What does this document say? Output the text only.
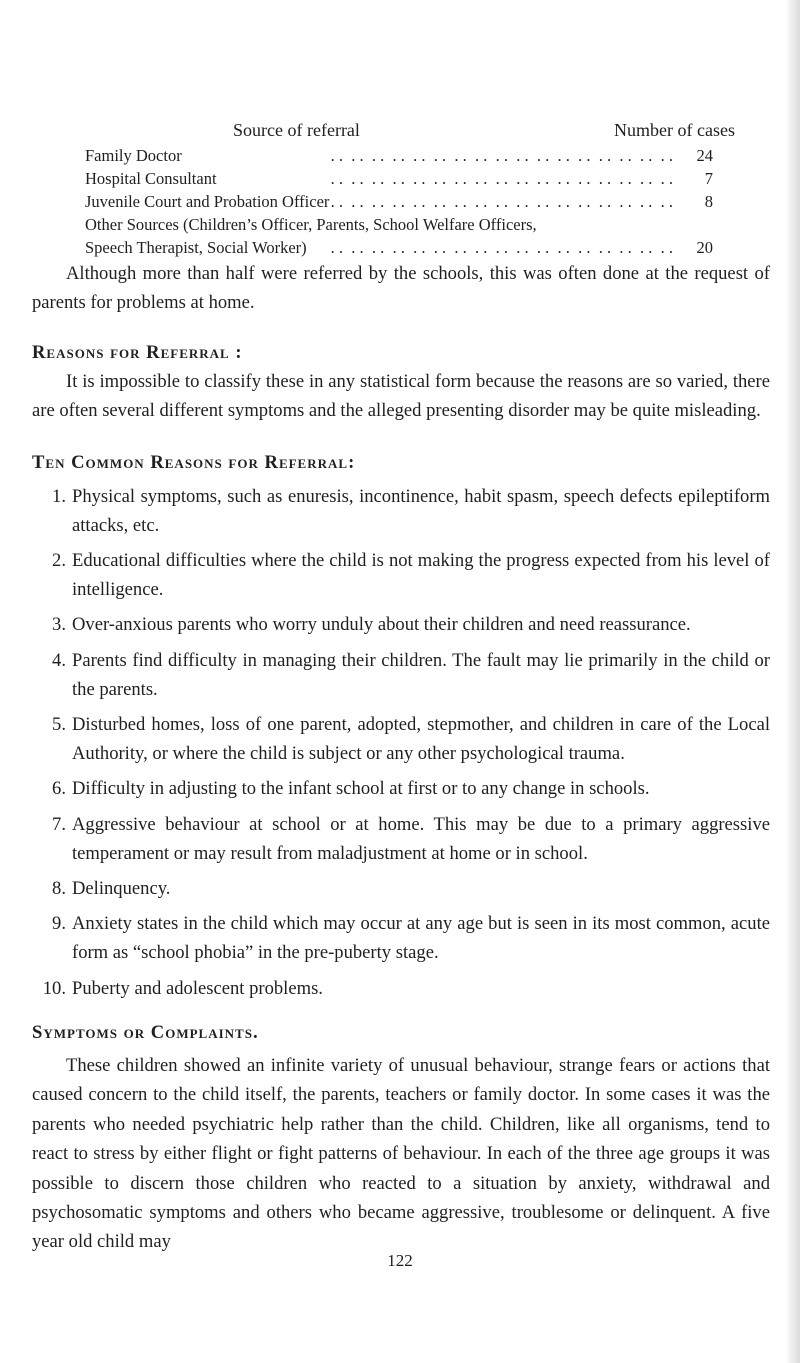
Source of referral	Number of cases
Family Doctor . .	24
Hospital Consultant . .	7
Juvenile Court and Probation Officer . .	8
Other Sources (Children’s Officer, Parents, School Welfare Officers,
Speech Therapist, Social Worker) . .	20

Although more than half were referred by the schools, this was often done at the request of parents for problems at home.

Reasons for Referral :

It is impossible to classify these in any statistical form because the reasons are so varied, there are often several different symptoms and the alleged presenting disorder may be quite misleading.

Ten Common Reasons for Referral:
1. Physical symptoms, such as enuresis, incontinence, habit spasm, speech defects epileptiform attacks, etc.
2. Educational difficulties where the child is not making the progress expected from his level of intelligence.
3. Over-anxious parents who worry unduly about their children and need reassurance.
4. Parents find difficulty in managing their children. The fault may lie primarily in the child or the parents.
5. Disturbed homes, loss of one parent, adopted, stepmother, and children in care of the Local Authority, or where the child is subject or any other psychological trauma.
6. Difficulty in adjusting to the infant school at first or to any change in schools.
7. Aggressive behaviour at school or at home. This may be due to a primary aggressive temperament or may result from maladjustment at home or in school.
8. Delinquency.
9. Anxiety states in the child which may occur at any age but is seen in its most common, acute form as “school phobia” in the pre-puberty stage.
10. Puberty and adolescent problems.
Symptoms or Complaints.

These children showed an infinite variety of unusual behaviour, strange fears or actions that caused concern to the child itself, the parents, teachers or family doctor. In some cases it was the parents who needed psychiatric help rather than the child. Children, like all organisms, tend to react to stress by either flight or fight patterns of behaviour. In each of the three age groups it was possible to discern those children who reacted to a situation by anxiety, withdrawal and psychosomatic symptoms and others who became aggressive, troublesome or delinquent. A five year old child may

122
